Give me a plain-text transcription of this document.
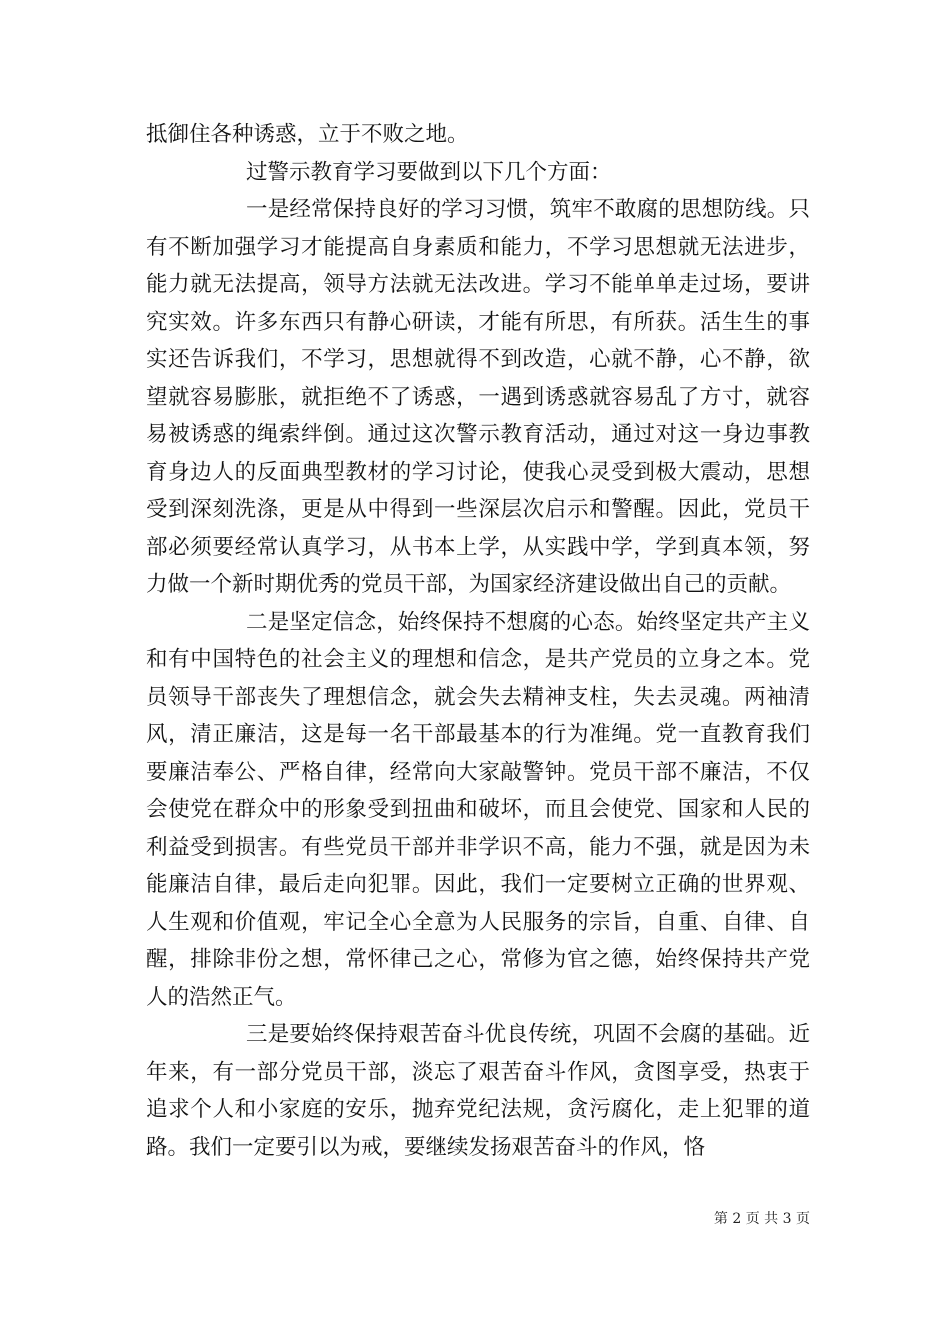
抵御住各种诱惑，立于不败之地。

过警示教育学习要做到以下几个方面：

一是经常保持良好的学习习惯，筑牢不敢腐的思想防线。只有不断加强学习才能提高自身素质和能力，不学习思想就无法进步，能力就无法提高，领导方法就无法改进。学习不能单单走过场，要讲究实效。许多东西只有静心研读，才能有所思，有所获。活生生的事实还告诉我们，不学习，思想就得不到改造，心就不静，心不静，欲望就容易膨胀，就拒绝不了诱惑，一遇到诱惑就容易乱了方寸，就容易被诱惑的绳索绊倒。通过这次警示教育活动，通过对这一身边事教育身边人的反面典型教材的学习讨论，使我心灵受到极大震动，思想受到深刻洗涤，更是从中得到一些深层次启示和警醒。因此，党员干部必须要经常认真学习，从书本上学，从实践中学，学到真本领，努力做一个新时期优秀的党员干部，为国家经济建设做出自己的贡献。

二是坚定信念，始终保持不想腐的心态。始终坚定共产主义和有中国特色的社会主义的理想和信念，是共产党员的立身之本。党员领导干部丧失了理想信念，就会失去精神支柱，失去灵魂。两袖清风，清正廉洁，这是每一名干部最基本的行为准绳。党一直教育我们要廉洁奉公、严格自律，经常向大家敲警钟。党员干部不廉洁，不仅会使党在群众中的形象受到扭曲和破坏，而且会使党、国家和人民的利益受到损害。有些党员干部并非学识不高，能力不强，就是因为未能廉洁自律，最后走向犯罪。因此，我们一定要树立正确的世界观、人生观和价值观，牢记全心全意为人民服务的宗旨，自重、自律、自醒，排除非份之想，常怀律己之心，常修为官之德，始终保持共产党人的浩然正气。

三是要始终保持艰苦奋斗优良传统，巩固不会腐的基础。近年来，有一部分党员干部，淡忘了艰苦奋斗作风，贪图享受，热衷于追求个人和小家庭的安乐，抛弃党纪法规，贪污腐化，走上犯罪的道路。我们一定要引以为戒，要继续发扬艰苦奋斗的作风，恪

第 2 页 共 3 页
